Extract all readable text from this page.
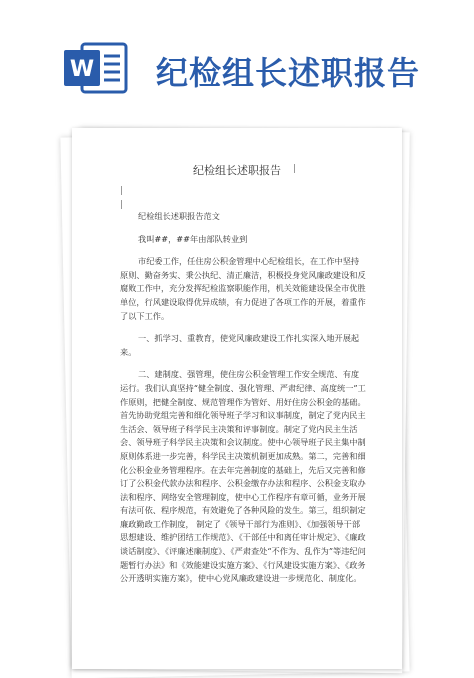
W 纪检组长述职报告
纪检组长述职报告

纪检组长述职报告范文

我叫##，##年由部队转业到

市纪委工作，任住房公积金管理中心纪检组长，在工作中坚持原则、勤奋务实、秉公执纪、清正廉洁，积极投身党风廉政建设和反腐败工作中，充分发挥纪检监察职能作用，机关效能建设保全市优胜单位，行风建设取得优异成绩，有力促进了各项工作的开展，着重作了以下工作。

一、抓学习、重教育，使党风廉政建设工作扎实深入地开展起来。

二、建制度、强管理，使住房公积金管理工作安全规范、有度运行。我们认真坚持“健全制度、强化管理、严肃纪律、高度统一”工作原则，把健全制度、规范管理作为管好、用好住房公积金的基础。首先协助党组完善和细化领导班子学习和议事制度，制定了党内民主生活会、领导班子科学民主决策和评事制度。制定了党内民主生活会、领导班子科学民主决策和会议制度。使中心领导班子民主集中制原则体系进一步完善，科学民主决策机制更加成熟。第二，完善和细化公积金业务管理程序。在去年完善制度的基础上，先后又完善和修订了公积金代款办法和程序、公积金缴存办法和程序、公积金支取办法和程序、网络安全管理制度，使中心工作程序有章可循，业务开展有法可依、程序规范，有效避免了各种风险的发生。第三，组织制定廉政勤政工作制度， 制定了《领导干部行为准则》、《加强领导干部思想建设、维护团结工作规范》、《干部任中和离任审计规定》、《廉政谈话制度》、《评廉述廉制度》、《严肃查处“不作为、乱作为”等违纪问题暂行办法》和《效能建设实施方案》、《行风建设实施方案》、《政务公开透明实施方案》，使中心党风廉政建设进一步规范化、制度化。
